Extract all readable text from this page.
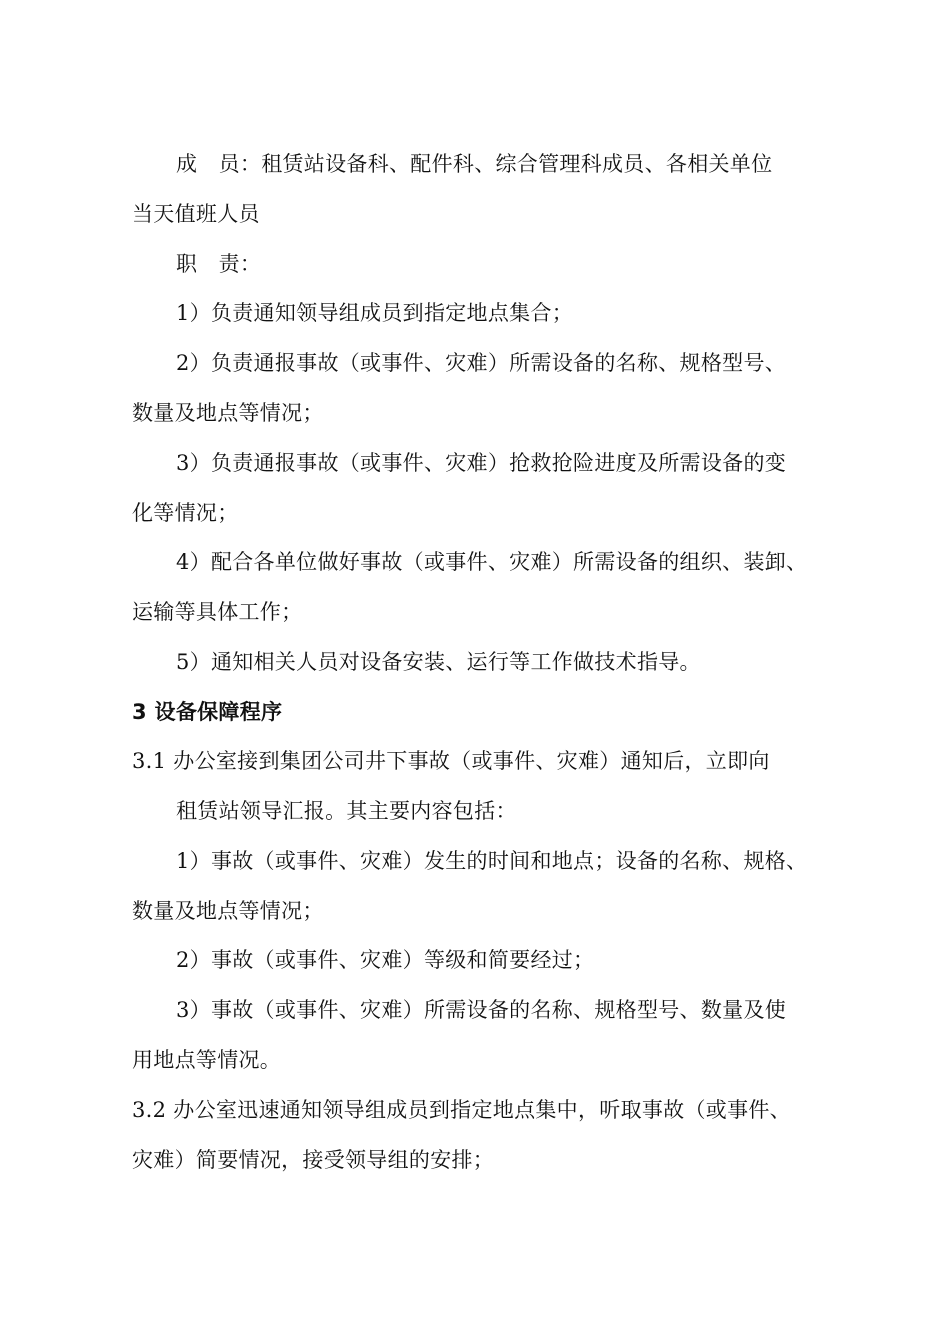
成　员：租赁站设备科、配件科、综合管理科成员、各相关单位
当天值班人员
职　责：
1）负责通知领导组成员到指定地点集合；
2）负责通报事故（或事件、灾难）所需设备的名称、规格型号、
数量及地点等情况；
3）负责通报事故（或事件、灾难）抢救抢险进度及所需设备的变
化等情况；
4）配合各单位做好事故（或事件、灾难）所需设备的组织、装卸、
运输等具体工作；
5）通知相关人员对设备安装、运行等工作做技术指导。
3 设备保障程序
3.1 办公室接到集团公司井下事故（或事件、灾难）通知后，立即向
租赁站领导汇报。其主要内容包括：
1）事故（或事件、灾难）发生的时间和地点；设备的名称、规格、
数量及地点等情况；
2）事故（或事件、灾难）等级和简要经过；
3）事故（或事件、灾难）所需设备的名称、规格型号、数量及使
用地点等情况。
3.2 办公室迅速通知领导组成员到指定地点集中，听取事故（或事件、
灾难）简要情况，接受领导组的安排；
